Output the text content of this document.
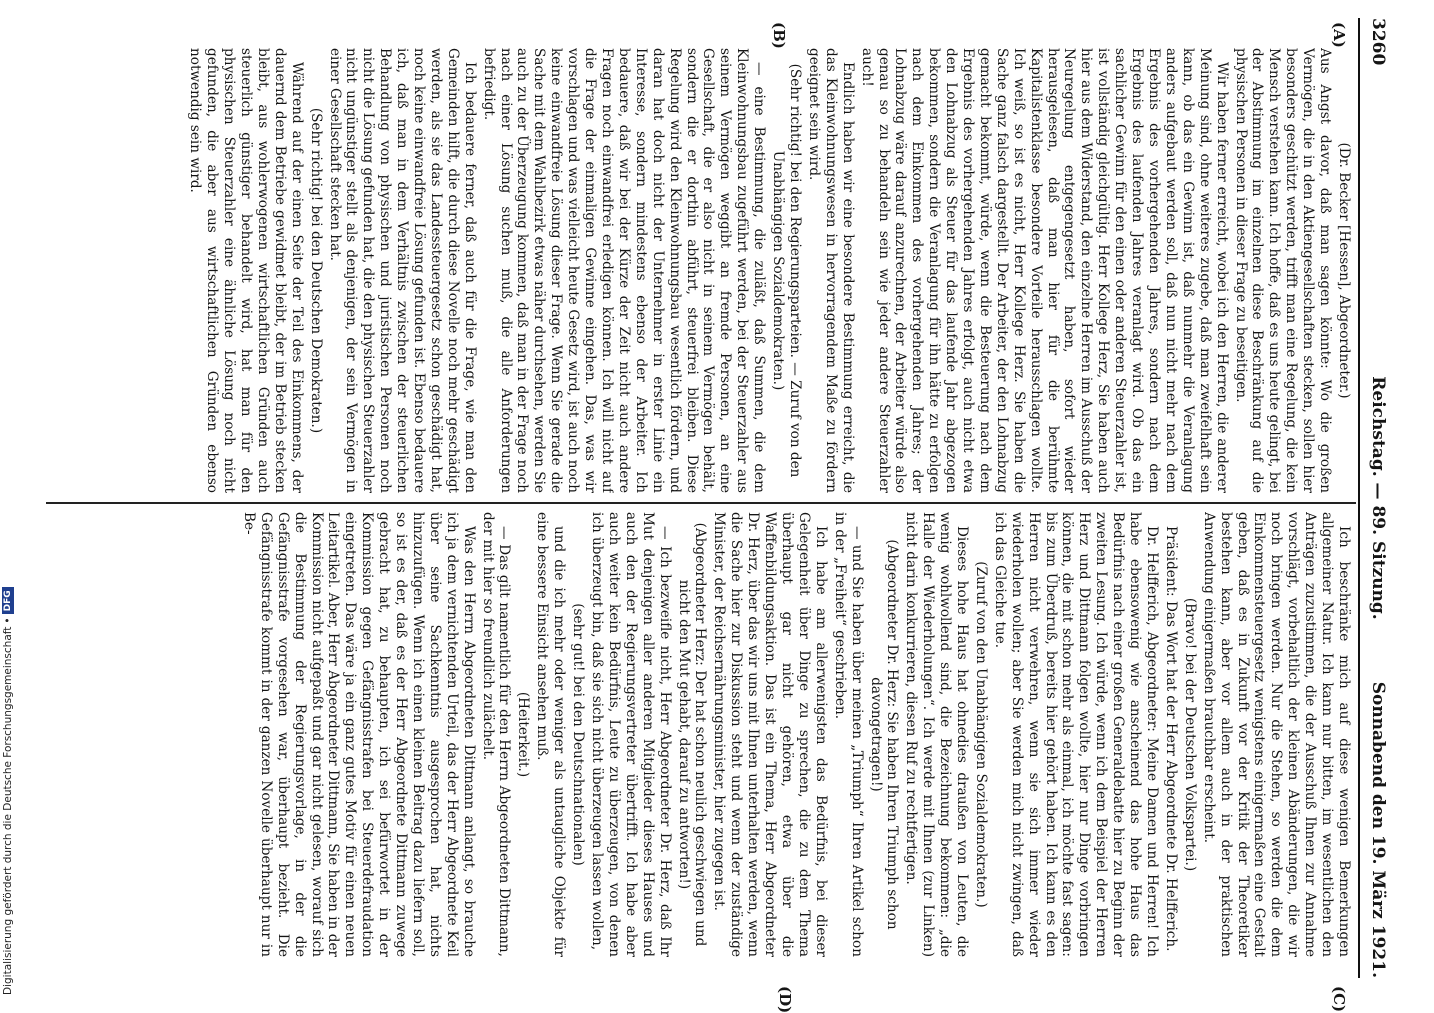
3260
Reichstag. — 89. Sitzung.
Sonnabend den 19. März 1921.
(A)
(B)
(C)
(D)

(Dr. Becker [Hessen], Abgeordneter.)

Aus Angst davor, daß man sagen könnte: Wo die großen Vermögen, die in den Aktiengesellschaften stecken, sollen hier besonders geschützt werden, trifft man eine Regelung, die kein Mensch verstehen kann. Ich hoffe, daß es uns heute gelingt, bei der Abstimmung im einzelnen diese Beschränkung auf die physischen Personen in dieser Frage zu beseitigen.

Wir haben ferner erreicht, wobei ich den Herren, die anderer Meinung sind, ohne weiteres zugebe, daß man zweifelhaft sein kann, ob das ein Gewinn ist, daß nunmehr die Veranlagung anders aufgebaut werden soll, daß nun nicht mehr nach dem Ergebnis des vorhergehenden Jahres, sondern nach dem Ergebnis des laufenden Jahres veranlagt wird. Ob das ein sachlicher Gewinn für den einen oder anderen Steuerzahler ist, ist vollständig gleichgültig. Herr Kollege Herz, Sie haben auch hier aus dem Widerstand, den einzelne Herren im Ausschuß der Neuregelung entgegengesetzt haben, sofort wieder herausgelesen, daß man hier für die berühmte Kapitalistenklasse besondere Vorteile herausschlagen wollte. Ich weiß, so ist es nicht, Herr Kollege Herz. Sie haben die Sache ganz falsch dargestellt. Der Arbeiter, der den Lohnabzug gemacht bekommt, würde, wenn die Besteuerung nach dem Ergebnis des vorhergehenden Jahres erfolgt, auch nicht etwa den Lohnabzug als Steuer für das laufende Jahr abgezogen bekommen, sondern die Veranlagung für ihn hätte zu erfolgen nach dem Einkommen des vorhergehenden Jahres; der Lohnabzug wäre darauf anzurechnen, der Arbeiter würde also genau so zu behandeln sein wie jeder andere Steuerzahler auch!

Endlich haben wir eine besondere Bestimmung erreicht, die das Kleinwohnungswesen in hervorragendem Maße zu fördern geeignet sein wird.

(Sehr richtig! bei den Regierungsparteien. — Zuruf von den Unabhängigen Sozialdemokraten.)

— eine Bestimmung, die zuläßt, daß Summen, die dem Kleinwohnungsbau zugeführt werden, bei der Steuerzahler aus seinem Vermögen weggibt an fremde Personen, an eine Gesellschaft, die er also nicht in seinem Vermögen behält, sondern die er dorthin abführt, steuerfrei bleiben. Diese Regelung wird den Kleinwohnungsbau wesentlich fördern, und daran hat doch nicht der Unternehmer in erster Linie ein Interesse, sondern mindestens ebenso der Arbeiter. Ich bedauere, daß wir bei der Kürze der Zeit nicht auch andere Fragen noch einwandfrei erledigen können. Ich will nicht auf die Frage der einmaligen Gewinne eingehen. Das, was wir vorschlagen und was vielleicht heute Gesetz wird, ist auch noch keine einwandfreie Lösung dieser Frage. Wenn Sie gerade die Sache mit dem Wahlbezirk etwas näher durchsehen, werden Sie auch zu der Überzeugung kommen, daß man in der Frage noch nach einer Lösung suchen muß, die alle Anforderungen befriedigt.

Ich bedauere ferner, daß auch für die Frage, wie man den Gemeinden hilft, die durch diese Novelle noch mehr geschädigt werden, als sie das Landessteuergesetz schon geschädigt hat, noch keine einwandfreie Lösung gefunden ist. Ebenso bedauere ich, daß man in dem Verhältnis zwischen der steuerlichen Behandlung von physischen und juristischen Personen noch nicht die Lösung gefunden hat, die den physischen Steuerzahler nicht ungünstiger stellt als denjenigen, der sein Vermögen in einer Gesellschaft stecken hat.

(Sehr richtig! bei den Deutschen Demokraten.)

Während auf der einen Seite der Teil des Einkommens, der dauernd dem Betriebe gewidmet bleibt, der im Betrieb stecken bleibt, aus wohlerwogenen wirtschaftlichen Gründen auch steuerlich günstiger behandelt wird, hat man für den physischen Steuerzahler eine ähnliche Lösung noch nicht gefunden, die aber aus wirtschaftlichen Gründen ebenso notwendig sein wird.

Ich beschränke mich auf diese wenigen Bemerkungen allgemeiner Natur. Ich kann nur bitten, im wesentlichen den Anträgen zuzustimmen, die der Ausschuß Ihnen zur Annahme vorschlägt, vorbehaltlich der kleinen Abänderungen, die wir noch bringen werden. Nur die Stehen, so werden die dem Einkommensteuergesetz wenigstens einigermaßen eine Gestalt geben, daß es in Zukunft vor der Kritik der Theoretiker bestehen kann, aber vor allem auch in der praktischen Anwendung einigermaßen brauchbar erscheint.

(Bravo! bei der Deutschen Volkspartei.)

Präsident: Das Wort hat der Herr Abgeordnete Dr. Helfferich.

Dr. Helfferich, Abgeordneter: Meine Damen und Herren! Ich habe ebensowenig wie anscheinend das hohe Haus das Bedürfnis nach einer großen Generaldebatte hier zu Beginn der zweiten Lesung. Ich würde, wenn ich dem Beispiel der Herren Herz und Dittmann folgen wollte, hier nur Dinge vorbringen können, die mit schon mehr als einmal, ich möchte fast sagen: bis zum Überdruß, bereits hier gehört haben. Ich kann es den Herren nicht verwehren, wenn sie sich immer wieder wiederholen wollen; aber Sie werden mich nicht zwingen, daß ich das Gleiche tue.

(Zuruf von den Unabhängigen Sozialdemokraten.)

Dieses hohe Haus hat ohnedies draußen von Leuten, die wenig wohlwollend sind, die Bezeichnung bekommen: „die Halle der Wiederholungen“. Ich werde mit Ihnen (zur Linken) nicht darin konkurrieren, diesen Ruf zu rechtfertigen.

(Abgeordneter Dr. Herz: Sie haben Ihren Triumph schon davongetragen!)

— und Sie haben über meinen „Triumph“ Ihren Artikel schon in der „Freiheit“ geschrieben.

Ich habe am allerwenigsten das Bedürfnis, bei dieser Gelegenheit über Dinge zu sprechen, die zu dem Thema überhaupt gar nicht gehören, etwa über die Waffenbildungsaktion. Das ist ein Thema, Herr Abgeordneter Dr. Herz, über das wir uns mit Ihnen unterhalten werden, wenn die Sache hier zur Diskussion steht und wenn der zuständige Minister, der Reichsernährungsminister, hier zugegen ist.

(Abgeordneter Herz: Der hat schon neulich geschwiegen und nicht den Mut gehabt, darauf zu antworten!)

— Ich bezweifle nicht, Herr Abgeordneter Dr. Herz, daß Ihr Mut denjenigen aller anderen Mitglieder dieses Hauses und auch den der Regierungsvertreter übertrifft. Ich habe aber auch weiter kein Bedürfnis, Leute zu überzeugen, von denen ich überzeugt bin, daß sie sich nicht überzeugen lassen wollen,

(sehr gut! bei den Deutschnationalen)

und die ich mehr oder weniger als untaugliche Objekte für eine bessere Einsicht ansehen muß.

(Heiterkeit.)

— Das gilt namentlich für den Herrn Abgeordneten Dittmann, der mit hier so freundlich zulächelt.

Was den Herrn Abgeordneten Dittmann anlangt, so brauche ich ja dem vernichtenden Urteil, das der Herr Abgeordnete Keil über seine Sachkenntnis ausgesprochen hat, nichts hinzuzufügen. Wenn ich einen kleinen Beitrag dazu liefern soll, so ist es der, daß es der Herr Abgeordnete Dittmann zuwege gebracht hat, zu behaupten, ich sei befürwortet in der Kommission gegen Gefängnisstrafen bei Steuerdefraudation eingetreten. Das wäre ja ein ganz gutes Motiv für einen neuen Leitartikel. Aber, Herr Abgeordneter Dittmann, Sie haben in der Kommission nicht aufgepaßt und gar nicht gelesen, worauf sich die Bestimmung der Regierungsvorlage, in der die Gefängnisstrafe vorgesehen war, überhaupt bezieht. Die Gefängnisstrafe kommt in der ganzen Novelle überhaupt nur in Be-

Digitalisierung gefördert durch die Deutsche Forschungsgemeinschaft
•
DFG
